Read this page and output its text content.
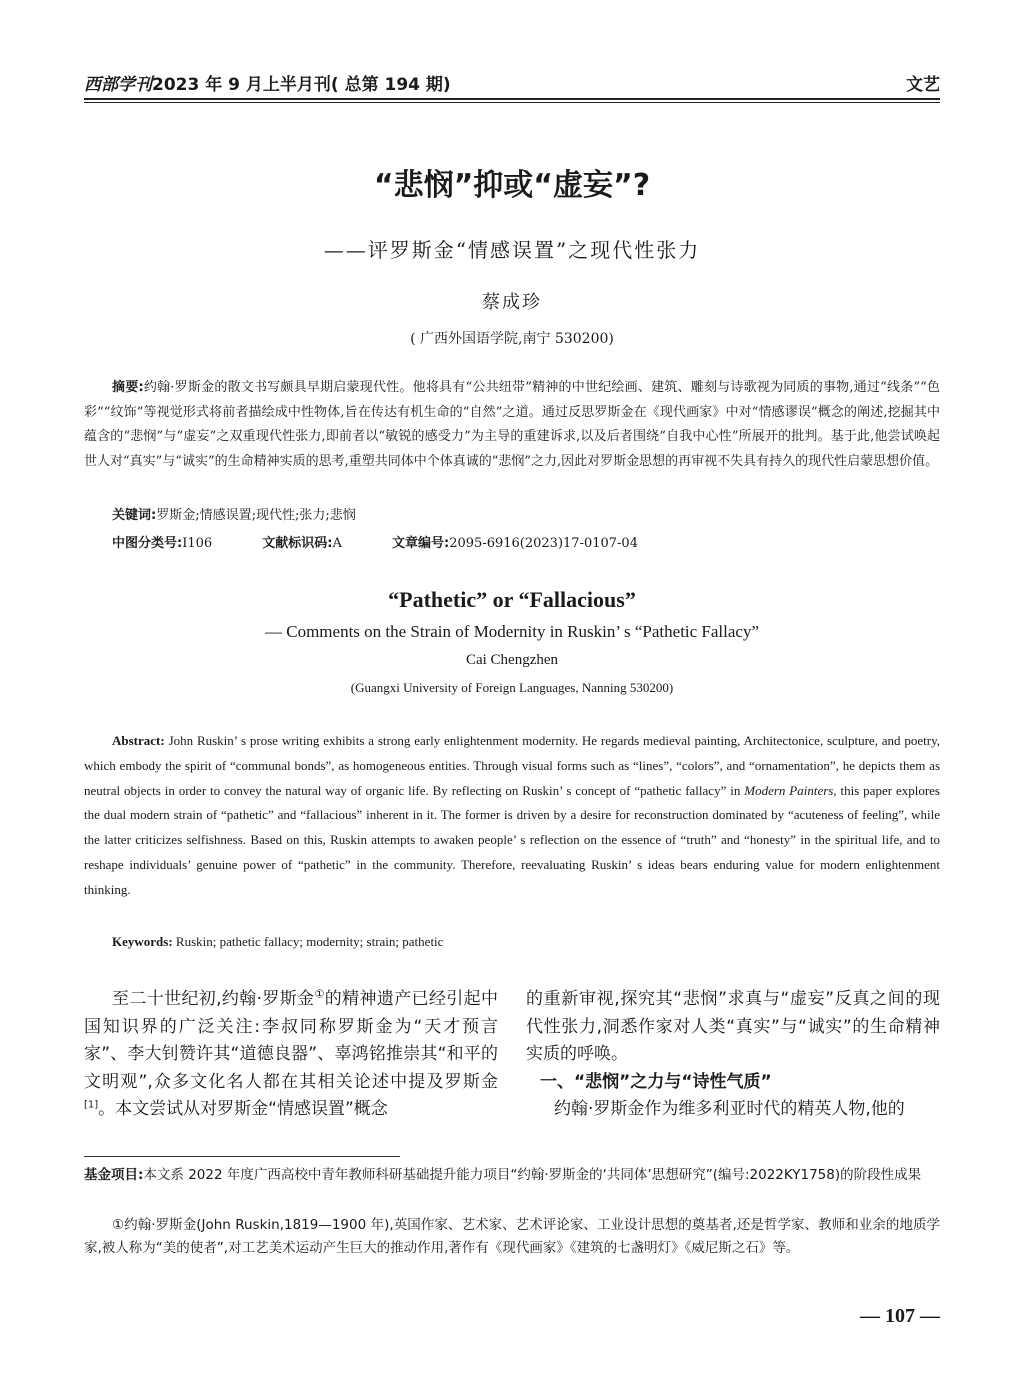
西部学刊2023 年 9 月上半月刊( 总第 194 期)	文艺
“悲悯”抑或“虚妄”?
——评罗斯金“情感误置”之现代性张力
蔡成珍
( 广西外国语学院,南宁 530200)
摘要:约翰·罗斯金的散文书写颇具早期启蒙现代性。他将具有“公共纽带”精神的中世纪绘画、建筑、雕刻与诗歌视为同质的事物,通过“线条”“色彩”“纹饰”等视觉形式将前者描绘成中性物体,旨在传达有机生命的“自然”之道。通过反思罗斯金在《现代画家》中对“情感谬误”概念的阐述,挖掘其中蕴含的“悲悯”与“虚妄”之双重现代性张力,即前者以“敏锐的感受力”为主导的重建诉求,以及后者围绕“自我中心性”所展开的批判。基于此,他尝试唤起世人对“真实”与“诚实”的生命精神实质的思考,重塑共同体中个体真诚的“悲悯”之力,因此对罗斯金思想的再审视不失具有持久的现代性启蒙思想价值。
关键词:罗斯金;情感误置;现代性;张力;悲悯
中图分类号:I106	文献标识码:A	文章编号:2095-6916(2023)17-0107-04
“Pathetic” or “Fallacious”
— Comments on the Strain of Modernity in Ruskin’ s “Pathetic Fallacy”
Cai Chengzhen
(Guangxi University of Foreign Languages, Nanning 530200)
Abstract: John Ruskin’ s prose writing exhibits a strong early enlightenment modernity. He regards medieval painting, Architectonice, sculpture, and poetry, which embody the spirit of “communal bonds”, as homogeneous entities. Through visual forms such as “lines”, “colors”, and “ornamentation”, he depicts them as neutral objects in order to convey the natural way of organic life. By reflecting on Ruskin’ s concept of “pathetic fallacy” in Modern Painters, this paper explores the dual modern strain of “pathetic” and “fallacious” inherent in it. The former is driven by a desire for reconstruction dominated by “acuteness of feeling”, while the latter criticizes selfishness. Based on this, Ruskin attempts to awaken people’ s reflection on the essence of “truth” and “honesty” in the spiritual life, and to reshape individuals’ genuine power of “pathetic” in the community. Therefore, reevaluating Ruskin’ s ideas bears enduring value for modern enlightenment thinking.
Keywords: Ruskin; pathetic fallacy; modernity; strain; pathetic
至二十世纪初,约翰·罗斯金①的精神遗产已经引起中国知识界的广泛关注:李叔同称罗斯金为“天才预言家”、李大钊赞许其“道德良器”、辜鸿铭推崇其“和平的文明观”,众多文化名人都在其相关论述中提及罗斯金[1]。本文尝试从对罗斯金“情感误置”概念
的重新审视,探究其“悲悯”求真与“虚妄”反真之间的现代性张力,洞悉作家对人类“真实”与“诚实”的生命精神实质的呼唤。
一、“悲悯”之力与“诗性气质”
约翰·罗斯金作为维多利亚时代的精英人物,他的
基金项目:本文系 2022 年度广西高校中青年教师科研基础提升能力项目“约翰·罗斯金的‘共同体’思想研究”(编号:2022KY1758)的阶段性成果
①约翰·罗斯金(John Ruskin,1819—1900 年),英国作家、艺术家、艺术评论家、工业设计思想的奠基者,还是哲学家、教师和业余的地质学家,被人称为“美的使者”,对工艺美术运动产生巨大的推动作用,著作有《现代画家》《建筑的七盏明灯》《威尼斯之石》等。
— 107 —
